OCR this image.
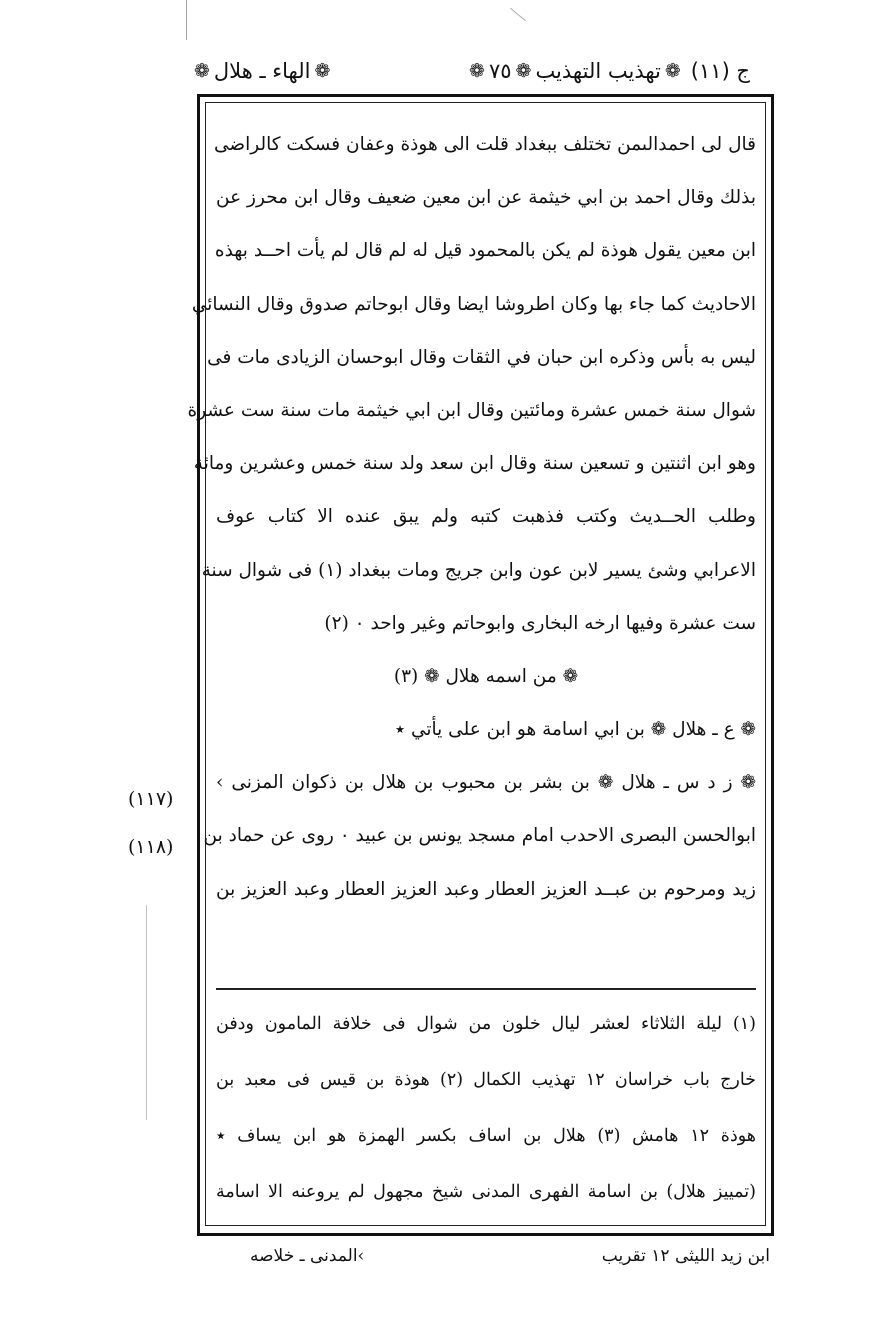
ج (١١)
❁
تهذيب التهذيب
❁
٧٥
❁
❁
الهاء ـ هلال
❁
قال لى احمدالىمن تختلف ببغداد قلت الى هوذة وعفان فسكت كالراضى
بذلك وقال احمد بن ابي خيثمة عن ابن معين ضعيف وقال ابن محرز عن
ابن معين يقول هوذة لم يكن بالمحمود قيل له لم قال لم يأت احــد بهذه
الاحاديث كما جاء بها وكان اطروشا ايضا وقال ابوحاتم صدوق وقال النسائي
ليس به بأس وذكره ابن حبان في الثقات وقال ابوحسان الزيادى مات فى
شوال سنة خمس عشرة ومائتين وقال ابن ابي خيثمة مات سنة ست عشرة
وهو ابن اثنتين و تسعين سنة وقال ابن سعد ولد سنة خمس وعشرين ومائة
وطلب الحــديث وكتب فذهبت كتبه ولم يبق عنده الا كتاب عوف
الاعرابي وشئ يسير لابن عون وابن جريج ومات ببغداد (١) فى شوال سنة
ست عشرة وفيها ارخه البخارى وابوحاتم وغير واحد ٠ (٢)
❁ من اسمه هلال ❁ (٣)
❁ ع ـ هلال ❁ بن ابي اسامة هو ابن على يأتي ٭
❁ ز د س ـ هلال ❁ بن بشر بن محبوب بن هلال بن ذكوان المزنى ›
ابوالحسن البصرى الاحدب امام مسجد يونس بن عبيد ٠ روى عن حماد بن
زيد ومرحوم بن عبــد العزيز العطار وعبد العزيز العطار وعبد العزيز بن
(١) ليلة الثلاثاء لعشر ليال خلون من شوال فى خلافة المامون ودفن
خارج باب خراسان ١٢ تهذيب الكمال (٢) هوذة بن قيس فى معبد بن
هوذة ١٢ هامش (٣) هلال بن اساف بكسر الهمزة هو ابن يساف ٭
(تمييز هلال) بن اسامة الفهرى المدنى شيخ مجهول لم يروعنه الا اسامة
(١١٧)
(١١٨)
ابن زيد الليثى ١٢ تقريب
›المدنى ـ خلاصه
